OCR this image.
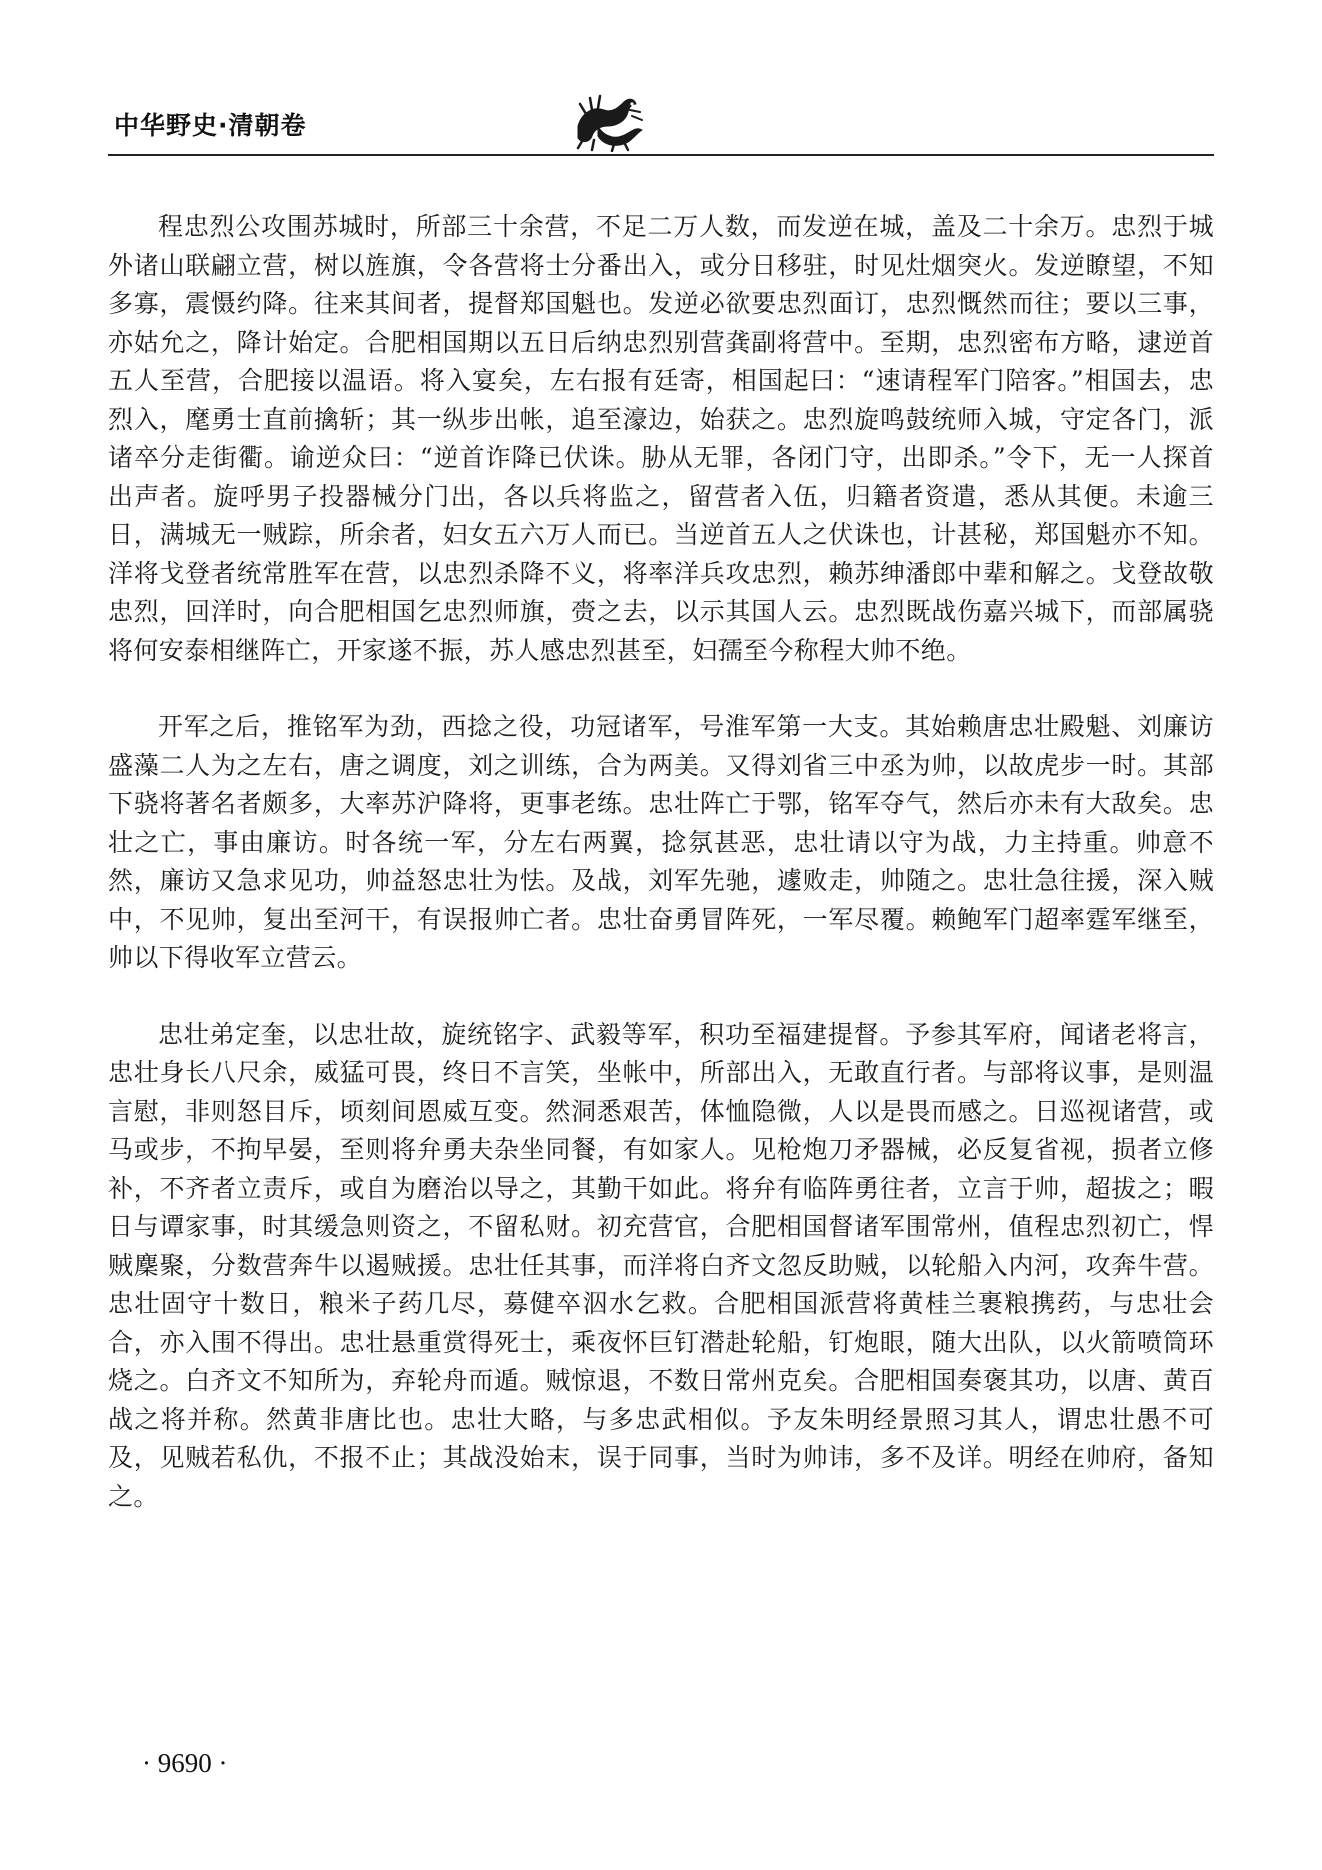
中华野史·清朝卷

程忠烈公攻围苏城时，所部三十余营，不足二万人数，而发逆在城，盖及二十余万。忠烈于城外诸山联翩立营，树以旌旗，令各营将士分番出入，或分日移驻，时见灶烟突火。发逆瞭望，不知多寡，震慑约降。往来其间者，提督郑国魁也。发逆必欲要忠烈面订，忠烈慨然而往；要以三事，亦姑允之，降计始定。合肥相国期以五日后纳忠烈别营龚副将营中。至期，忠烈密布方略，逮逆首五人至营，合肥接以温语。将入宴矣，左右报有廷寄，相国起曰：“速请程军门陪客。”相国去，忠烈入，麾勇士直前擒斩；其一纵步出帐，追至濠边，始获之。忠烈旋鸣鼓统师入城，守定各门，派诸卒分走街衢。谕逆众曰：“逆首诈降已伏诛。胁从无罪，各闭门守，出即杀。”令下，无一人探首出声者。旋呼男子投器械分门出，各以兵将监之，留营者入伍，归籍者资遣，悉从其便。未逾三日，满城无一贼踪，所余者，妇女五六万人而已。当逆首五人之伏诛也，计甚秘，郑国魁亦不知。洋将戈登者统常胜军在营，以忠烈杀降不义，将率洋兵攻忠烈，赖苏绅潘郎中辈和解之。戈登故敬忠烈，回洋时，向合肥相国乞忠烈师旗，赍之去，以示其国人云。忠烈既战伤嘉兴城下，而部属骁将何安泰相继阵亡，开家遂不振，苏人感忠烈甚至，妇孺至今称程大帅不绝。

开军之后，推铭军为劲，西捻之役，功冠诸军，号淮军第一大支。其始赖唐忠壮殿魁、刘廉访盛藻二人为之左右，唐之调度，刘之训练，合为两美。又得刘省三中丞为帅，以故虎步一时。其部下骁将著名者颇多，大率苏沪降将，更事老练。忠壮阵亡于鄂，铭军夺气，然后亦未有大敌矣。忠壮之亡，事由廉访。时各统一军，分左右两翼，捻氛甚恶，忠壮请以守为战，力主持重。帅意不然，廉访又急求见功，帅益怒忠壮为怯。及战，刘军先驰，遽败走，帅随之。忠壮急往援，深入贼中，不见帅，复出至河干，有误报帅亡者。忠壮奋勇冒阵死，一军尽覆。赖鲍军门超率霆军继至，帅以下得收军立营云。

忠壮弟定奎，以忠壮故，旋统铭字、武毅等军，积功至福建提督。予参其军府，闻诸老将言，忠壮身长八尺余，威猛可畏，终日不言笑，坐帐中，所部出入，无敢直行者。与部将议事，是则温言慰，非则怒目斥，顷刻间恩威互变。然洞悉艰苦，体恤隐微，人以是畏而感之。日巡视诸营，或马或步，不拘早晏，至则将弁勇夫杂坐同餐，有如家人。见枪炮刀矛器械，必反复省视，损者立修补，不齐者立责斥，或自为磨治以导之，其勤干如此。将弁有临阵勇往者，立言于帅，超拔之；暇日与谭家事，时其缓急则资之，不留私财。初充营官，合肥相国督诸军围常州，值程忠烈初亡，悍贼麇聚，分数营奔牛以遏贼援。忠壮任其事，而洋将白齐文忽反助贼，以轮船入内河，攻奔牛营。忠壮固守十数日，粮米子药几尽，募健卒泅水乞救。合肥相国派营将黄桂兰裹粮携药，与忠壮会合，亦入围不得出。忠壮悬重赏得死士，乘夜怀巨钉潜赴轮船，钉炮眼，随大出队，以火箭喷筒环烧之。白齐文不知所为，弃轮舟而遁。贼惊退，不数日常州克矣。合肥相国奏褒其功，以唐、黄百战之将并称。然黄非唐比也。忠壮大略，与多忠武相似。予友朱明经景照习其人，谓忠壮愚不可及，见贼若私仇，不报不止；其战没始末，误于同事，当时为帅讳，多不及详。明经在帅府，备知之。

· 9690 ·
